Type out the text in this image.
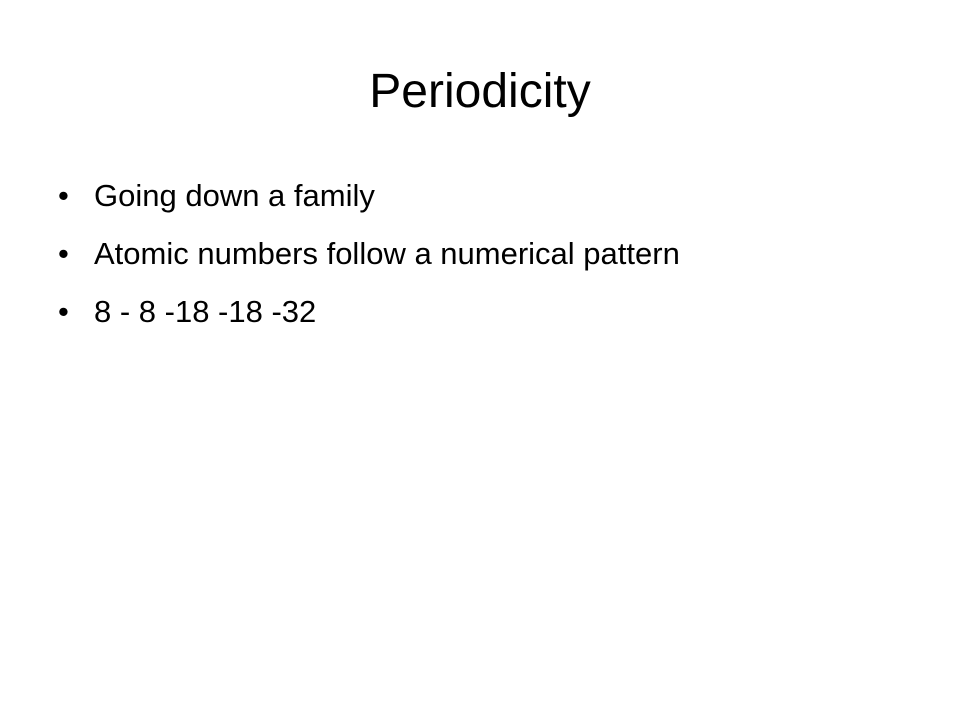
Periodicity
• Going down a family
• Atomic numbers follow a numerical pattern
• 8 - 8 -18 -18 -32
